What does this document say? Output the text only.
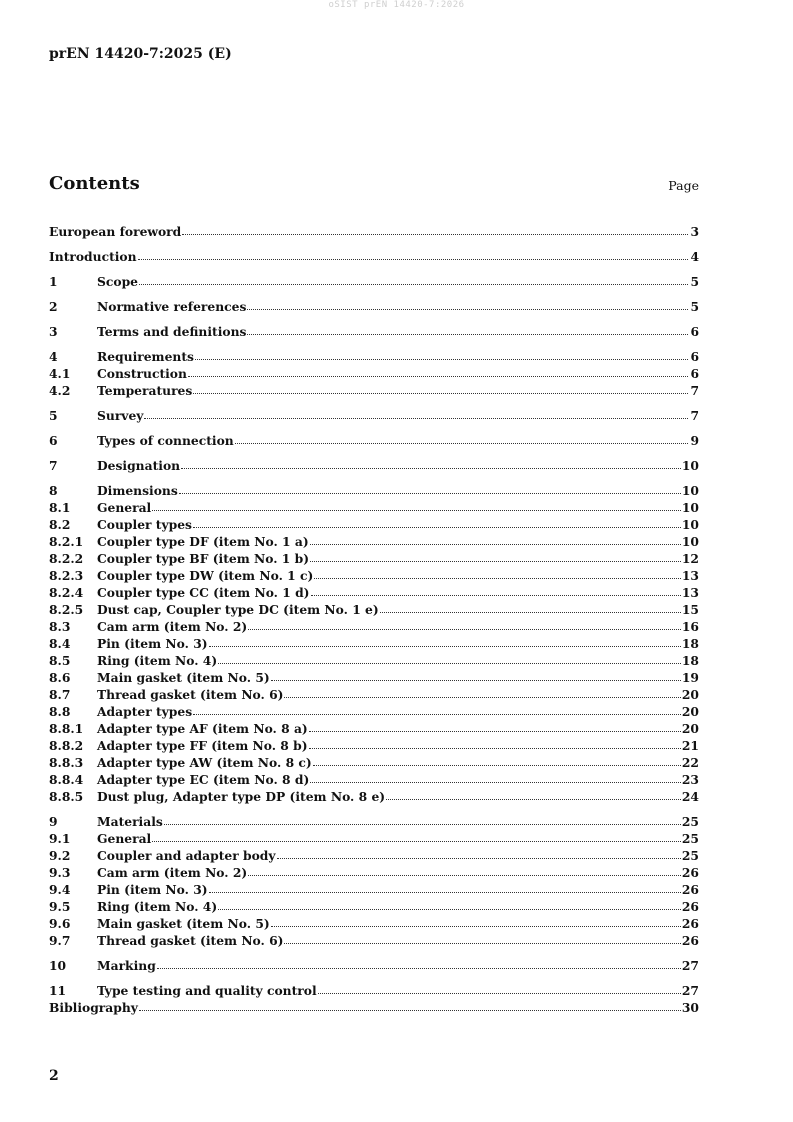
oSIST prEN 14420-7:2026
prEN 14420-7:2025 (E)
Contents	Page
European foreword	3
Introduction	4
1	Scope	5
2	Normative references	5
3	Terms and definitions	6
4	Requirements	6
4.1	Construction	6
4.2	Temperatures	7
5	Survey	7
6	Types of connection	9
7	Designation	10
8	Dimensions	10
8.1	General	10
8.2	Coupler types	10
8.2.1	Coupler type DF (item No. 1 a)	10
8.2.2	Coupler type BF (item No. 1 b)	12
8.2.3	Coupler type DW (item No. 1 c)	13
8.2.4	Coupler type CC (item No. 1 d)	13
8.2.5	Dust cap, Coupler type DC (item No. 1 e)	15
8.3	Cam arm (item No. 2)	16
8.4	Pin (item No. 3)	18
8.5	Ring (item No. 4)	18
8.6	Main gasket (item No. 5)	19
8.7	Thread gasket (item No. 6)	20
8.8	Adapter types	20
8.8.1	Adapter type AF (item No. 8 a)	20
8.8.2	Adapter type FF (item No. 8 b)	21
8.8.3	Adapter type AW (item No. 8 c)	22
8.8.4	Adapter type EC (item No. 8 d)	23
8.8.5	Dust plug, Adapter type DP (item No. 8 e)	24
9	Materials	25
9.1	General	25
9.2	Coupler and adapter body	25
9.3	Cam arm (item No. 2)	26
9.4	Pin (item No. 3)	26
9.5	Ring (item No. 4)	26
9.6	Main gasket (item No. 5)	26
9.7	Thread gasket (item No. 6)	26
10	Marking	27
11	Type testing and quality control	27
Bibliography	30
2
